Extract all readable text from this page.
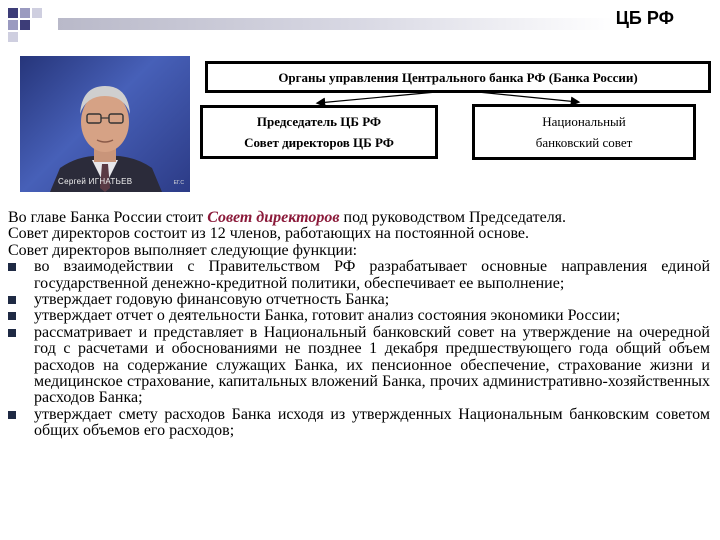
ЦБ РФ
Сергей ИГНАТЬЕВ	ЕГ.С
Органы управления Центрального банка РФ (Банка России)
Председатель ЦБ РФ
Совет директоров ЦБ РФ
Национальный
банковский совет

Во главе Банка России стоит Совет директоров под руководством Председателя.

Совет директоров состоит из 12 членов, работающих на постоянной основе.

Совет директоров выполняет следующие функции:

во взаимодействии с Правительством РФ разрабатывает основные направления единой государственной денежно-кредитной политики, обеспечивает ее выполнение;
утверждает годовую финансовую отчетность Банка;
утверждает отчет о деятельности Банка, готовит анализ состояния экономики России;
рассматривает и представляет в Национальный банковский совет на утверждение на очередной год с расчетами и обоснованиями не позднее 1 декабря предшествующего года общий объем расходов на содержание служащих Банка, их пенсионное обеспечение, страхование жизни и медицинское страхование, капитальных вложений Банка, прочих административно-хозяйственных расходов Банка;
утверждает смету расходов Банка исходя из утвержденных Национальным банковским советом общих объемов его расходов;
